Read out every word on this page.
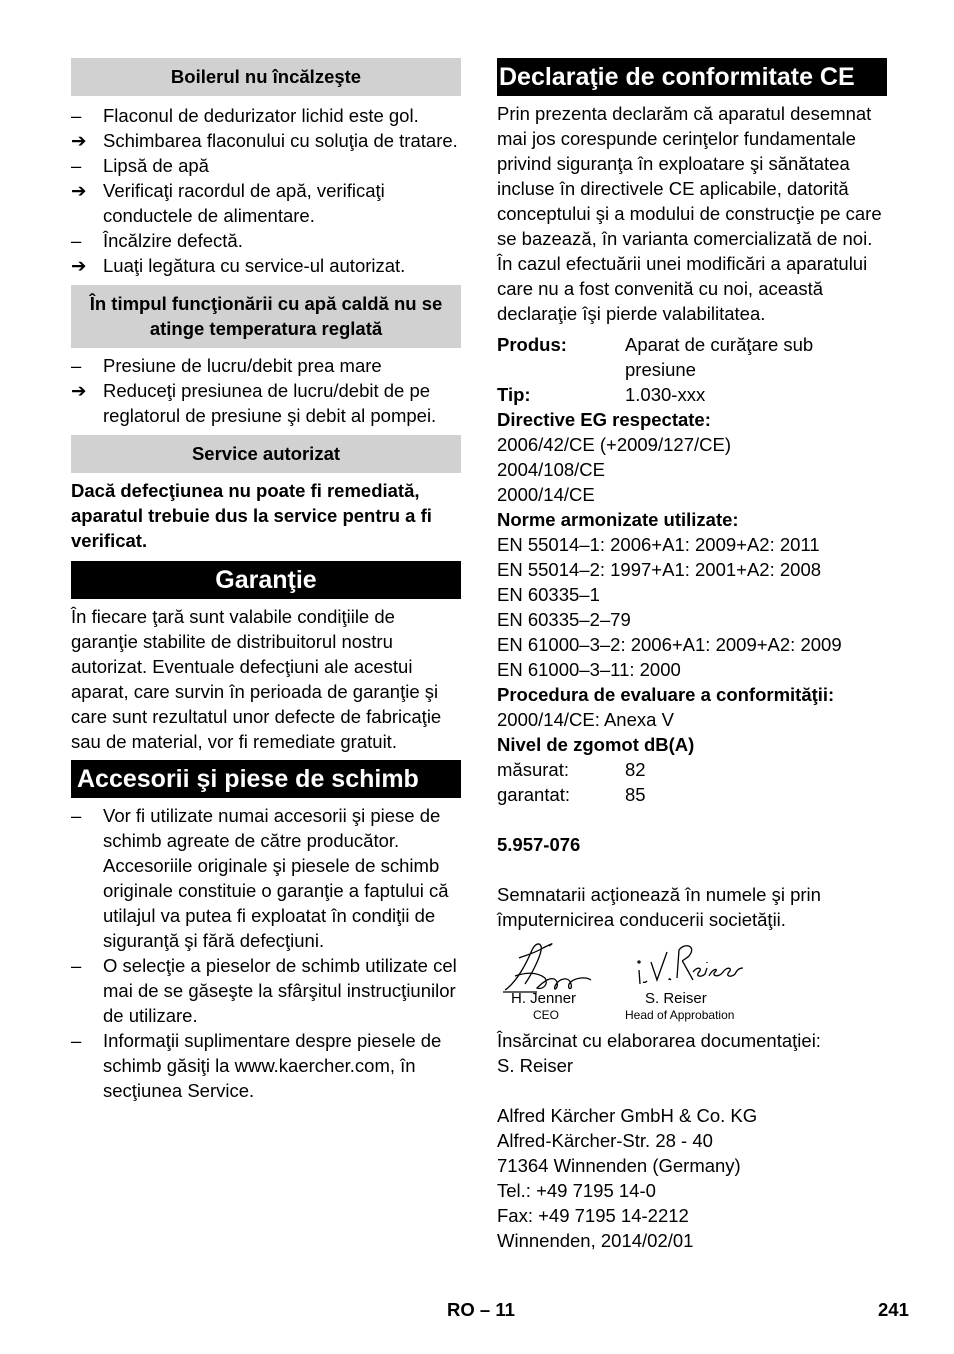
Boilerul nu încălzeşte
–	Flaconul de dedurizator lichid este gol.
➔ Schimbarea flaconului cu soluţia de tratare.
–	Lipsă de apă
➔ Verificaţi racordul de apă, verificaţi conductele de alimentare.
–	Încălzire defectă.
➔ Luaţi legătura cu service-ul autorizat.
În timpul funcţionării cu apă caldă nu se atinge temperatura reglată
–	Presiune de lucru/debit prea mare
➔ Reduceţi presiunea de lucru/debit de pe reglatorul de presiune şi debit al pompei.
Service autorizat
Dacă defecţiunea nu poate fi remediată, aparatul trebuie dus la service pentru a fi verificat.
Garanţie
În fiecare ţară sunt valabile condiţiile de garanţie stabilite de distribuitorul nostru autorizat. Eventuale defecţiuni ale acestui aparat, care survin în perioada de garanţie şi care sunt rezultatul unor defecte de fabricaţie sau de material, vor fi remediate gratuit.
Accesorii şi piese de schimb
–	Vor fi utilizate numai accesorii şi piese de schimb agreate de către producător. Accesoriile originale şi piesele de schimb originale constituie o garanţie a faptului că utilajul va putea fi exploatat în condiţii de siguranţă şi fără defecţiuni.
–	O selecţie a pieselor de schimb utilizate cel mai de se găseşte la sfârşitul instrucţiunilor de utilizare.
–	Informaţii suplimentare despre piesele de schimb găsiţi la www.kaercher.com, în secţiunea Service.
Declaraţie de conformitate CE
Prin prezenta declarăm că aparatul desemnat mai jos corespunde cerinţelor fundamentale privind siguranţa în exploatare şi sănătatea incluse în directivele CE aplicabile, datorită conceptului şi a modului de construcţie pe care se bazează, în varianta comercializată de noi. În cazul efectuării unei modificări a aparatului care nu a fost convenită cu noi, această declaraţie îşi pierde valabilitatea.
Produs:	Aparat de curăţare sub presiune
Tip:	1.030-xxx
Directive EG respectate:
2006/42/CE (+2009/127/CE)
2004/108/CE
2000/14/CE
Norme armonizate utilizate:
EN 55014–1: 2006+A1: 2009+A2: 2011
EN 55014–2: 1997+A1: 2001+A2: 2008
EN 60335–1
EN 60335–2–79
EN 61000–3–2: 2006+A1: 2009+A2: 2009
EN 61000–3–11: 2000
Procedura de evaluare a conformităţii:
2000/14/CE: Anexa V
Nivel de zgomot dB(A)
măsurat:	82
garantat:	85
5.957-076
Semnatarii acţionează în numele şi prin împuternicirea conducerii societăţii.
H. Jenner
CEO
S. Reiser
Head of Approbation
Însărcinat cu elaborarea documentaţiei:
S. Reiser
Alfred Kärcher GmbH & Co. KG
Alfred-Kärcher-Str. 28 - 40
71364 Winnenden (Germany)
Tel.: +49 7195 14-0
Fax: +49 7195 14-2212
Winnenden, 2014/02/01
RO – 11	241
